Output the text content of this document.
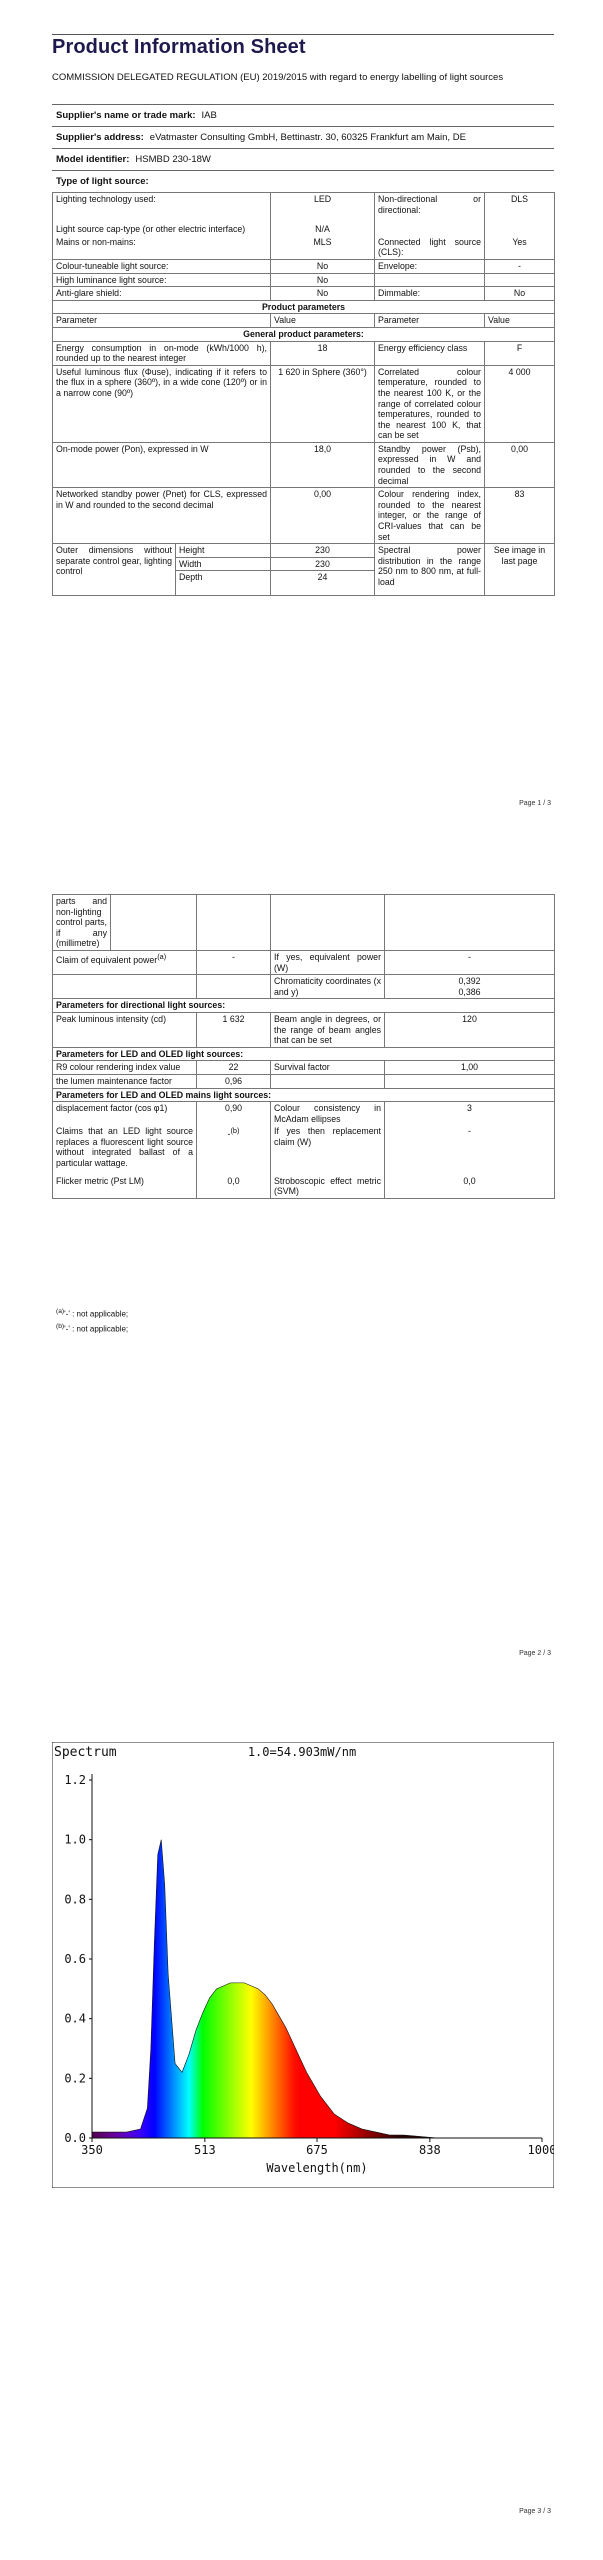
Product Information Sheet
COMMISSION DELEGATED REGULATION (EU) 2019/2015 with regard to energy labelling of light sources
Supplier's name or trade mark: IAB
Supplier's address: eVatmaster Consulting GmbH, Bettinastr. 30, 60325 Frankfurt am Main, DE
Model identifier: HSMBD 230-18W
Type of light source:
Lighting technology used:		LED	Non-directional or directional:	DLS
Light source cap-type (or other electric interface)		N/A		
Mains or non-mains:		MLS	Connected light source (CLS):	Yes
Colour-tuneable light source:		No	Envelope:	-
High luminance light source:		No		
Anti-glare shield:		No	Dimmable:	No
Product parameters				
Parameter		Value	Parameter	Value
General product parameters:				
Energy consumption in on-mode (kWh/1000 h), rounded up to the nearest integer		18	Energy efficiency class	F
Useful luminous flux (Φuse), indicating if it refers to the flux in a sphere (360º), in a wide cone (120º) or in a narrow cone (90º)		1 620 in Sphere (360°)	Correlated colour temperature, rounded to the nearest 100 K, or the range of correlated colour temperatures, rounded to the nearest 100 K, that can be set	4 000
On-mode power (Pon), expressed in W		18,0	Standby power (Psb), expressed in W and rounded to the second decimal	0,00
Networked standby power (Pnet) for CLS, expressed in W and rounded to the second decimal		0,00	Colour rendering index, rounded to the nearest integer, or the range of CRI-values that can be set	83
Outer dimensions without separate control gear, lighting control	Height	230	Spectral power distribution in the range 250 nm to 800 nm, at full-load	See image in last page
	Width	230		
	Depth	24		
Page 1 / 3
parts and non-lighting control parts, if any (millimetre)				
Claim of equivalent power$^{(a)}$		-	If yes, equivalent power (W)	-
			Chromaticity coordinates (x and y)	0,392
0,386

Parameters for directional light sources:				
Peak luminous intensity (cd)		1 632	Beam angle in degrees, or the range of beam angles that can be set	120
Parameters for LED and OLED light sources:				
R9 colour rendering index value		22	Survival factor	1,00
the lumen maintenance factor		0,96		
Parameters for LED and OLED mains light sources:				
displacement factor (cos φ1)		0,90	Colour consistency in McAdam ellipses	3
Claims that an LED light source replaces a fluorescent light source without integrated ballast of a particular wattage.		-$^{(b)}$	If yes then replacement claim (W)	-
Flicker metric (Pst LM)		0,0	Stroboscopic effect metric (SVM)	0,0
$^{(a)}$'-' : not applicable;
$^{(b)}$'-' : not applicable;
Page 2 / 3
0.0
0.2
0.4
0.6
0.8
1.0
1.2
350	513	675	838	1000
Spectrum	1.0=54.903mW/nm
Wavelength(nm)
Page 3 / 3
